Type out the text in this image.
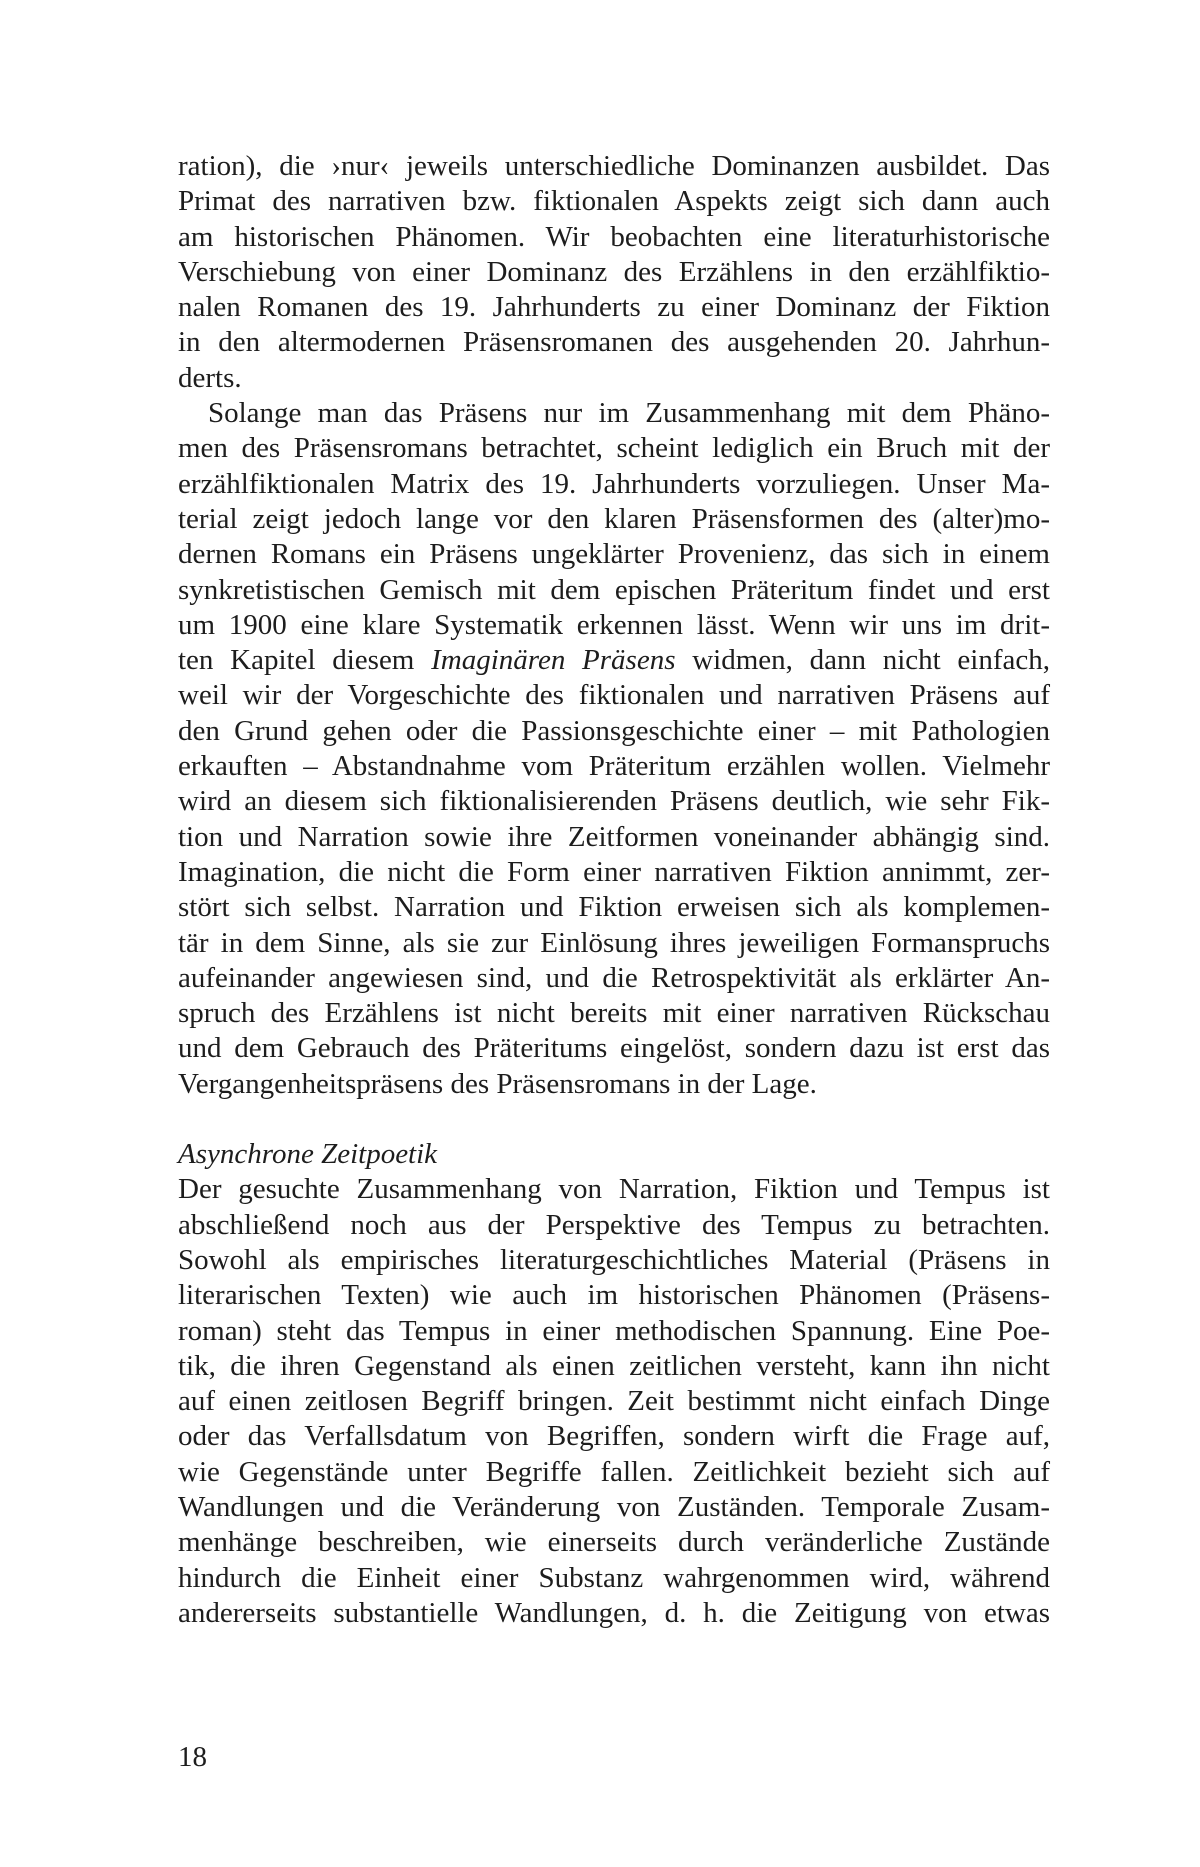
ration), die ›nur‹ jeweils unterschiedliche Dominanzen ausbildet. Das
Primat des narrativen bzw. fiktionalen Aspekts zeigt sich dann auch
am historischen Phänomen. Wir beobachten eine literaturhistorische
Verschiebung von einer Dominanz des Erzählens in den erzählfiktio-
nalen Romanen des 19. Jahrhunderts zu einer Dominanz der Fiktion
in den altermodernen Präsensromanen des ausgehenden 20. Jahrhun-
derts.
Solange man das Präsens nur im Zusammenhang mit dem Phäno-
men des Präsensromans betrachtet, scheint lediglich ein Bruch mit der
erzählfiktionalen Matrix des 19. Jahrhunderts vorzuliegen. Unser Ma-
terial zeigt jedoch lange vor den klaren Präsensformen des (alter)mo-
dernen Romans ein Präsens ungeklärter Provenienz, das sich in einem
synkretistischen Gemisch mit dem epischen Präteritum findet und erst
um 1900 eine klare Systematik erkennen lässt. Wenn wir uns im drit-
ten Kapitel diesem Imaginären Präsens widmen, dann nicht einfach,
weil wir der Vorgeschichte des fiktionalen und narrativen Präsens auf
den Grund gehen oder die Passionsgeschichte einer – mit Pathologien
erkauften – Abstandnahme vom Präteritum erzählen wollen. Vielmehr
wird an diesem sich fiktionalisierenden Präsens deutlich, wie sehr Fik-
tion und Narration sowie ihre Zeitformen voneinander abhängig sind.
Imagination, die nicht die Form einer narrativen Fiktion annimmt, zer-
stört sich selbst. Narration und Fiktion erweisen sich als komplemen-
tär in dem Sinne, als sie zur Einlösung ihres jeweiligen Formanspruchs
aufeinander angewiesen sind, und die Retrospektivität als erklärter An-
spruch des Erzählens ist nicht bereits mit einer narrativen Rückschau
und dem Gebrauch des Präteritums eingelöst, sondern dazu ist erst das
Vergangenheitspräsens des Präsensromans in der Lage.
Asynchrone Zeitpoetik
Der gesuchte Zusammenhang von Narration, Fiktion und Tempus ist
abschließend noch aus der Perspektive des Tempus zu betrachten.
Sowohl als empirisches literaturgeschichtliches Material (Präsens in
literarischen Texten) wie auch im historischen Phänomen (Präsens-
roman) steht das Tempus in einer methodischen Spannung. Eine Poe-
tik, die ihren Gegenstand als einen zeitlichen versteht, kann ihn nicht
auf einen zeitlosen Begriff bringen. Zeit bestimmt nicht einfach Dinge
oder das Verfallsdatum von Begriffen, sondern wirft die Frage auf,
wie Gegenstände unter Begriffe fallen. Zeitlichkeit bezieht sich auf
Wandlungen und die Veränderung von Zuständen. Temporale Zusam-
menhänge beschreiben, wie einerseits durch veränderliche Zustände
hindurch die Einheit einer Substanz wahrgenommen wird, während
andererseits substantielle Wandlungen, d. h. die Zeitigung von etwas
18
